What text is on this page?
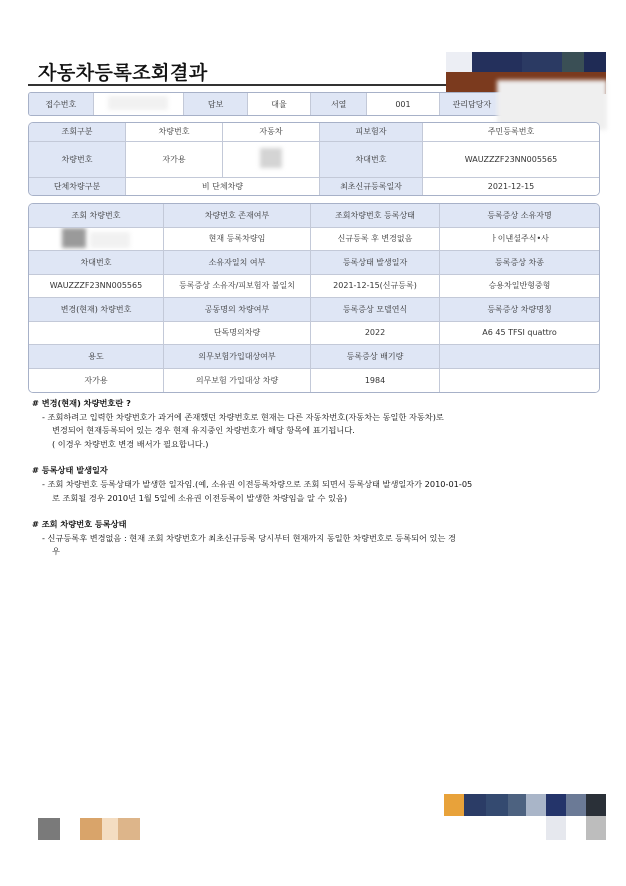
자동차등록조회결과
접수번호		담보	대율	서열	001	관리담당자	
조회구분	차량번호	자동차	피보험자	주민등록번호
차량번호	자가용		차대번호	WAUZZZF23NN005565
단체차량구분	비 단체차량		최초신규등록일자	2021-12-15
조회 차량번호	차량번호 존재여부	조회차량번호 등록상태	등록증상 소유자명
	현재 등록차량임	신규등록 후 변경없음	ㅏ이낸셜주식•사
차대번호	소유자일치 여부	등록상태 발생일자	등록증상 차종
WAUZZZF23NN005565	등록증상 소유자/피보험자 불일치	2021-12-15(신규등록)	승용차일반형중형
변경(현재) 차량번호	공동명의 차량여부	등록증상 모델연식	등록증상 차량명칭
	단독명의차량	2022	A6 45 TFSI quattro
용도	의무보험가입대상여부	등록증상 배기량	
자가용	의무보험 가입대상 차량	1984	
# 변경(현재) 차량번호란 ?
- 조회하려고 입력한 차량번호가 과거에 존재했던 차량번호로 현재는 다른 자동차번호(자동차는 동일한 자동차)로
변경되어 현재등록되어 있는 경우 현재 유지중인 차량번호가 해당 항목에 표기됩니다.
( 이경우 차량번호 변경 배서가 필요합니다.)
# 등록상태 발생일자
- 조회 차량번호 등록상태가 발생한 일자임.(예, 소유권 이전등록차량으로 조회 되면서 등록상태 발생일자가 2010-01-05
로 조회될 경우 2010년 1월 5일에 소유권 이전등록이 발생한 차량임을 알 수 있음)
# 조회 차량번호 등록상태
- 신규등록후 변경없음 : 현재 조회 차량번호가 최초신규등록 당시부터 현재까지 동일한 차량번호로 등록되어 있는 경
우
